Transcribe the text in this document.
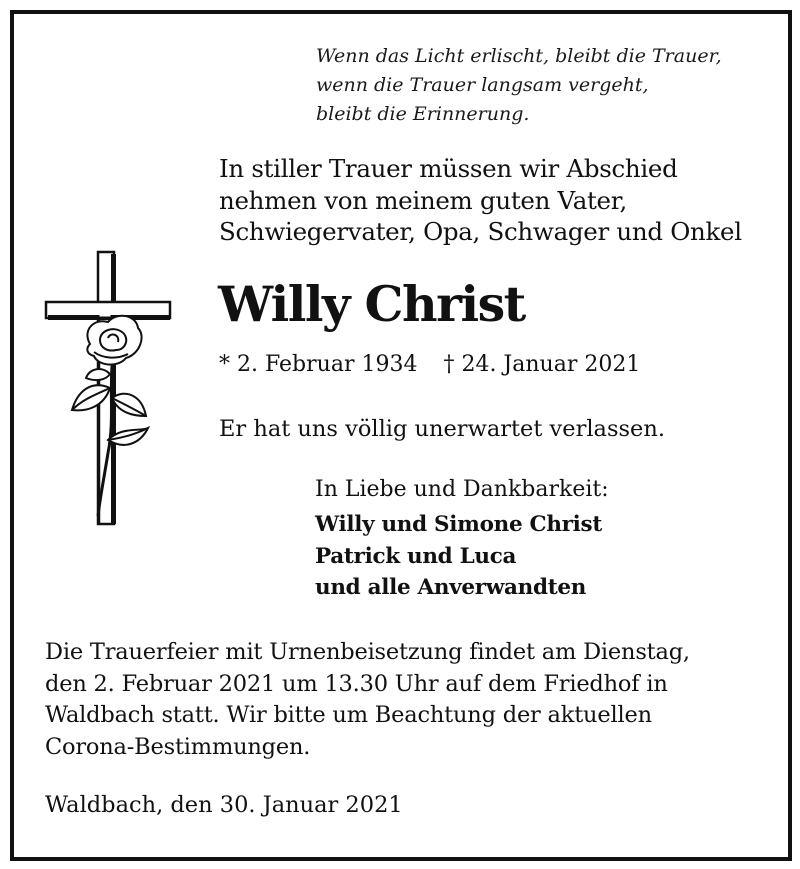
Wenn das Licht erlischt, bleibt die Trauer,
wenn die Trauer langsam vergeht,
bleibt die Erinnerung.
In stiller Trauer müssen wir Abschied
nehmen von meinem guten Vater,
Schwiegervater, Opa, Schwager und Onkel
Willy Christ
* 2. Februar 1934 † 24. Januar 2021
Er hat uns völlig unerwartet verlassen.
In Liebe und Dankbarkeit:
Willy und Simone Christ
Patrick und Luca
und alle Anverwandten
Die Trauerfeier mit Urnenbeisetzung findet am Dienstag,
den 2. Februar 2021 um 13.30 Uhr auf dem Friedhof in
Waldbach statt. Wir bitte um Beachtung der aktuellen
Corona-Bestimmungen.
Waldbach, den 30. Januar 2021
